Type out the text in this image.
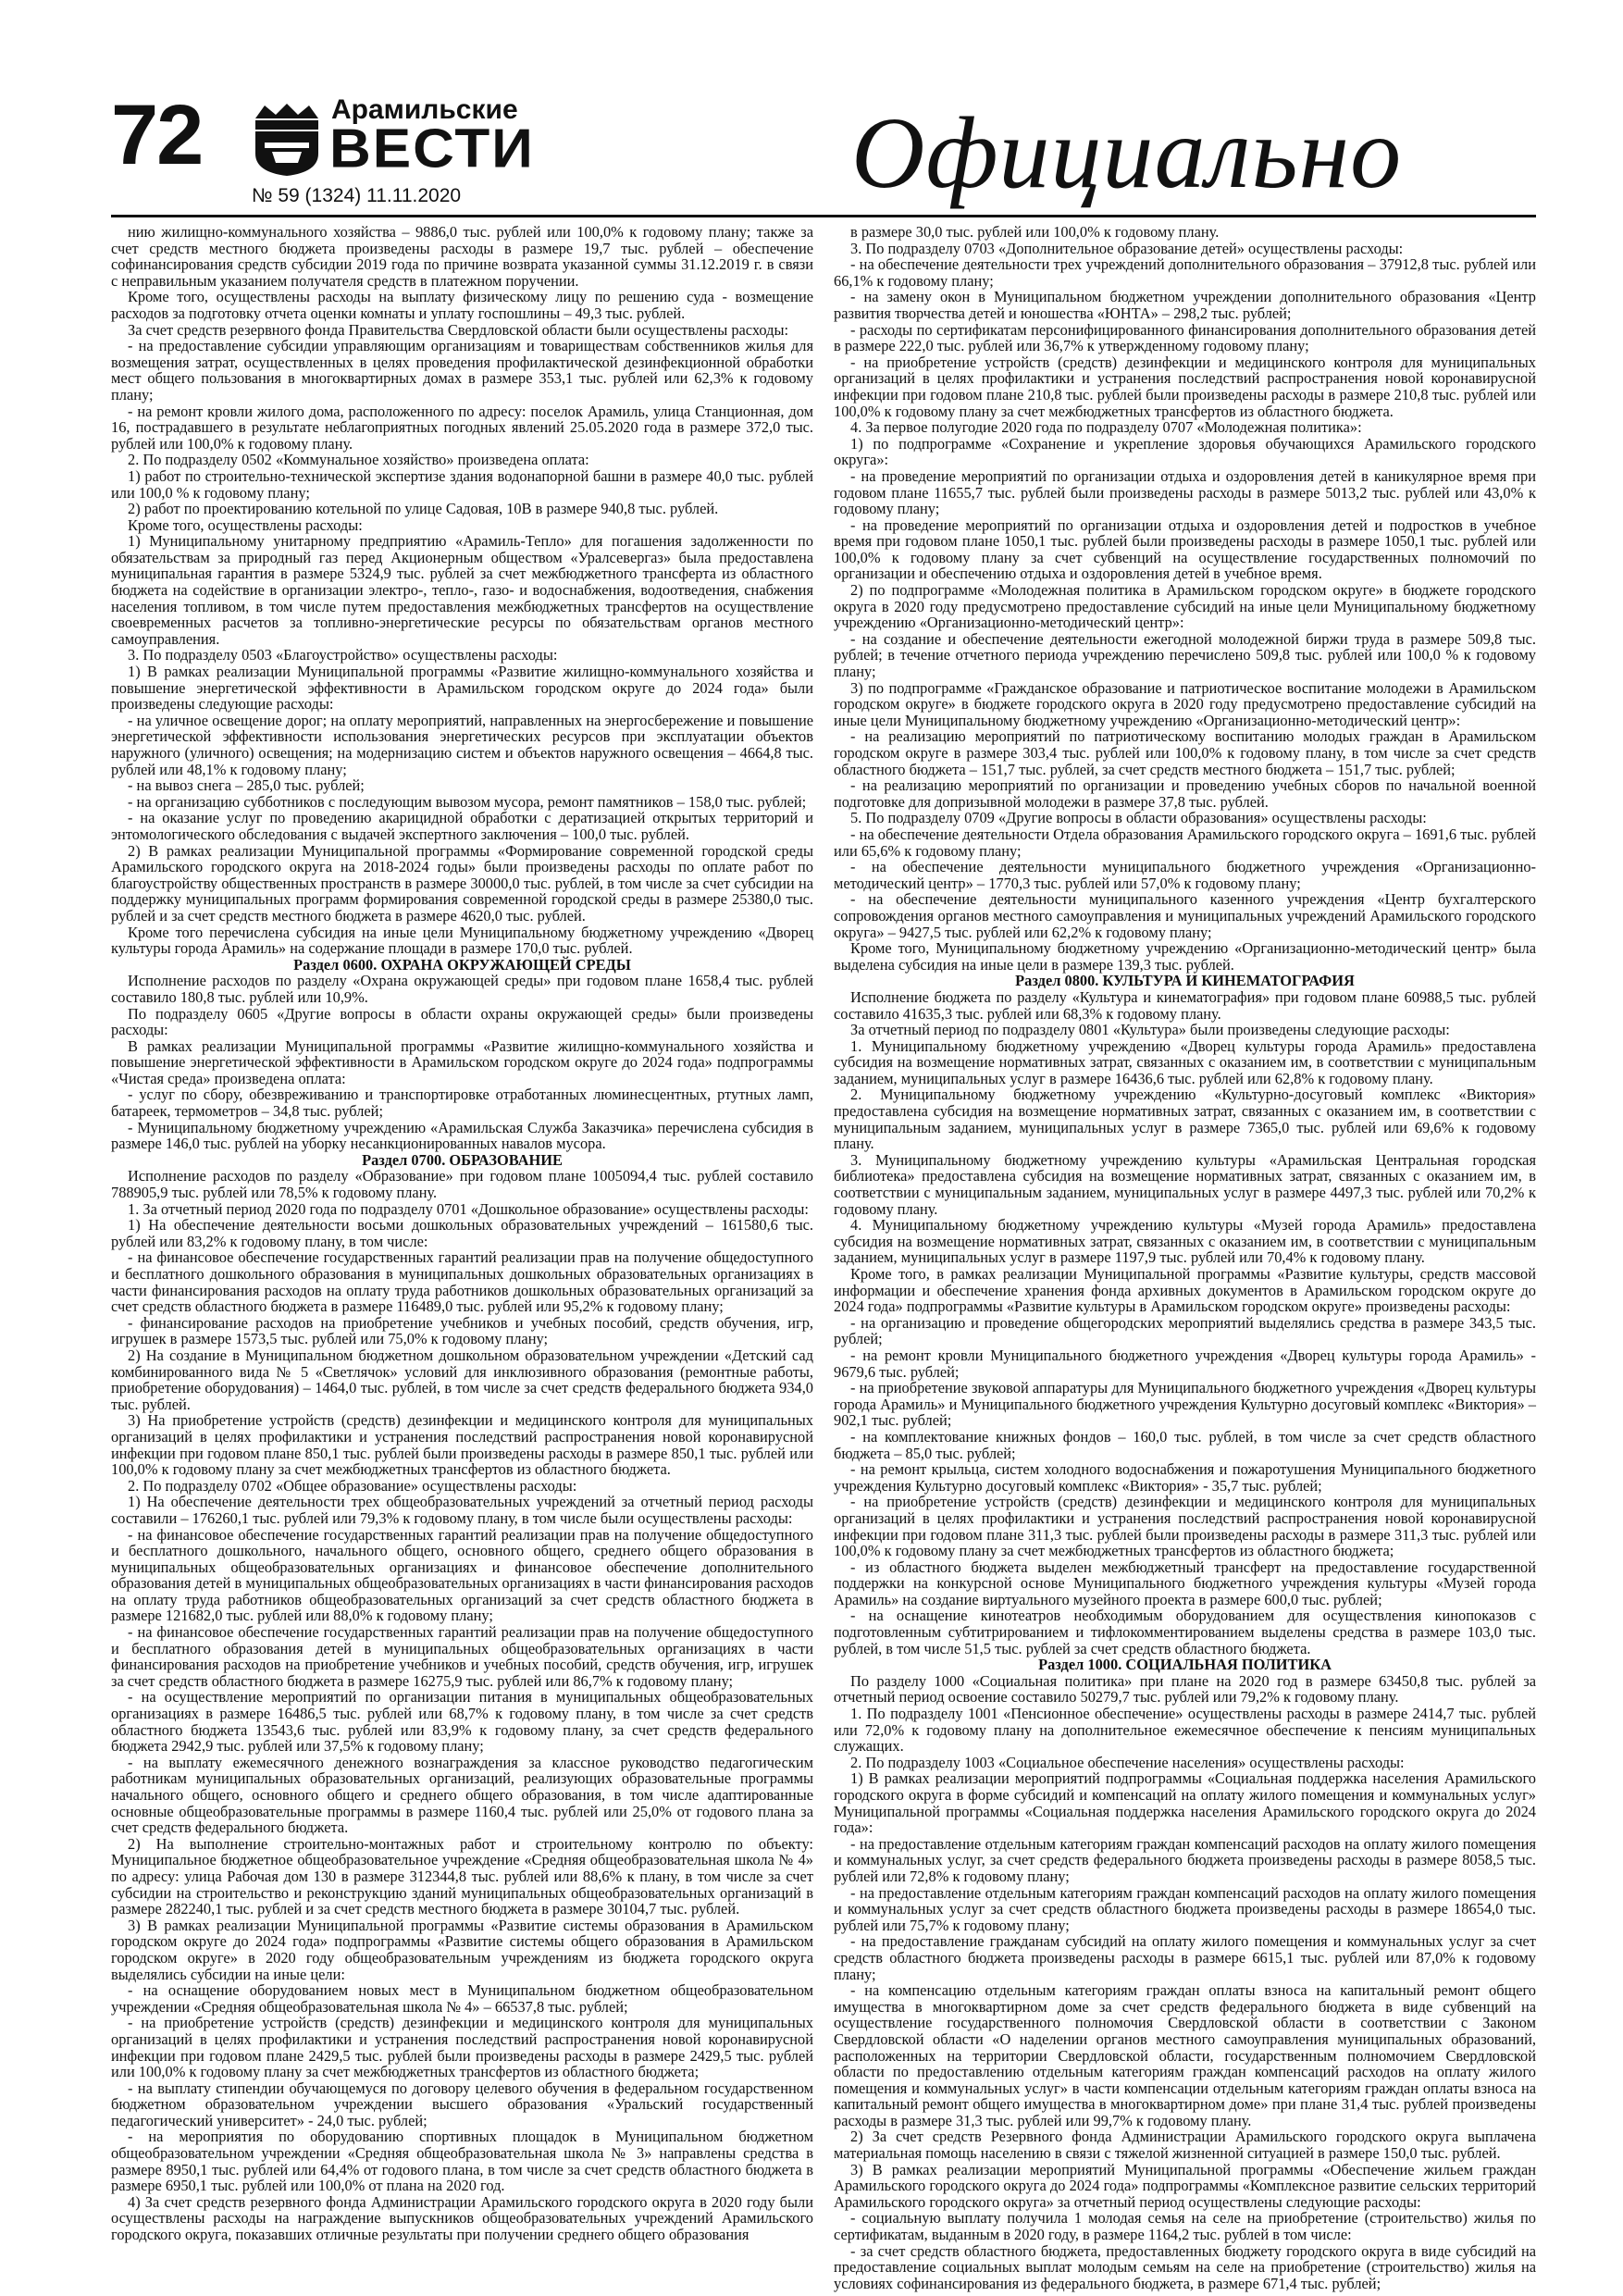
72	Арамильские
ВЕСТИ
№ 59 (1324) 11.11.2020	Официально

нию жилищно-коммунального хозяйства – 9886,0 тыс. рублей или 100,0% к годовому плану; также за счет средств местного бюджета произведены расходы в размере 19,7 тыс. рублей – обеспечение софинансирования средств субсидии 2019 года по причине возврата указанной суммы 31.12.2019 г. в связи с неправильным указанием получателя средств в платежном поручении.

Кроме того, осуществлены расходы на выплату физическому лицу по решению суда - возмещение расходов за подготовку отчета оценки комнаты и уплату госпошлины – 49,3 тыс. рублей.

За счет средств резервного фонда Правительства Свердловской области были осуществлены расходы:

- на предоставление субсидии управляющим организациям и товариществам собственников жилья для возмещения затрат, осуществленных в целях проведения профилактической дезинфекционной обработки мест общего пользования в многоквартирных домах в размере 353,1 тыс. рублей или 62,3% к годовому плану;

- на ремонт кровли жилого дома, расположенного по адресу: поселок Арамиль, улица Станционная, дом 16, пострадавшего в результате неблагоприятных погодных явлений 25.05.2020 года в размере 372,0 тыс. рублей или 100,0% к годовому плану.

2. По подразделу 0502 «Коммунальное хозяйство» произведена оплата:

1) работ по строительно-технической экспертизе здания водонапорной башни в размере 40,0 тыс. рублей или 100,0 % к годовому плану;

2) работ по проектированию котельной по улице Садовая, 10В в размере 940,8 тыс. рублей.

Кроме того, осуществлены расходы:

1) Муниципальному унитарному предприятию «Арамиль-Тепло» для погашения задолженности по обязательствам за природный газ перед Акционерным обществом «Уралсевергаз» была предоставлена муниципальная гарантия в размере 5324,9 тыс. рублей за счет межбюджетного трансферта из областного бюджета на содействие в организации электро-, тепло-, газо- и водоснабжения, водоотведения, снабжения населения топливом, в том числе путем предоставления межбюджетных трансфертов на осуществление своевременных расчетов за топливно-энергетические ресурсы по обязательствам органов местного самоуправления.

3. По подразделу 0503 «Благоустройство» осуществлены расходы:

1) В рамках реализации Муниципальной программы «Развитие жилищно-коммунального хозяйства и повышение энергетической эффективности в Арамильском городском округе до 2024 года» были произведены следующие расходы:

- на уличное освещение дорог; на оплату мероприятий, направленных на энергосбережение и повышение энергетической эффективности использования энергетических ресурсов при эксплуатации объектов наружного (уличного) освещения; на модернизацию систем и объектов наружного освещения – 4664,8 тыс. рублей или 48,1% к годовому плану;

- на вывоз снега – 285,0 тыс. рублей;

- на организацию субботников с последующим вывозом мусора, ремонт памятников – 158,0 тыс. рублей;

- на оказание услуг по проведению акарицидной обработки с дератизацией открытых территорий и энтомологического обследования с выдачей экспертного заключения – 100,0 тыс. рублей.

2) В рамках реализации Муниципальной программы «Формирование современной городской среды Арамильского городского округа на 2018-2024 годы» были произведены расходы по оплате работ по благоустройству общественных пространств в размере 30000,0 тыс. рублей, в том числе за счет субсидии на поддержку муниципальных программ формирования современной городской среды в размере 25380,0 тыс. рублей и за счет средств местного бюджета в размере 4620,0 тыс. рублей.

Кроме того перечислена субсидия на иные цели Муниципальному бюджетному учреждению «Дворец культуры города Арамиль» на содержание площади в размере 170,0 тыс. рублей.

Раздел 0600. ОХРАНА ОКРУЖАЮЩЕЙ СРЕДЫ

Исполнение расходов по разделу «Охрана окружающей среды» при годовом плане 1658,4 тыс. рублей составило 180,8 тыс. рублей или 10,9%.

По подразделу 0605 «Другие вопросы в области охраны окружающей среды» были произведены расходы:

В рамках реализации Муниципальной программы «Развитие жилищно-коммунального хозяйства и повышение энергетической эффективности в Арамильском городском округе до 2024 года» подпрограммы «Чистая среда» произведена оплата:

- услуг по сбору, обезвреживанию и транспортировке отработанных люминесцентных, ртутных ламп, батареек, термометров – 34,8 тыс. рублей;

- Муниципальному бюджетному учреждению «Арамильская Служба Заказчика» перечислена субсидия в размере 146,0 тыс. рублей на уборку несанкционированных навалов мусора.

Раздел 0700. ОБРАЗОВАНИЕ

Исполнение расходов по разделу «Образование» при годовом плане 1005094,4 тыс. рублей составило 788905,9 тыс. рублей или 78,5% к годовому плану.

1. За отчетный период 2020 года по подразделу 0701 «Дошкольное образование» осуществлены расходы:

1) На обеспечение деятельности восьми дошкольных образовательных учреждений – 161580,6 тыс. рублей или 83,2% к годовому плану, в том числе:

- на финансовое обеспечение государственных гарантий реализации прав на получение общедоступного и бесплатного дошкольного образования в муниципальных дошкольных образовательных организациях в части финансирования расходов на оплату труда работников дошкольных образовательных организаций за счет средств областного бюджета в размере 116489,0 тыс. рублей или 95,2% к годовому плану;

- финансирование расходов на приобретение учебников и учебных пособий, средств обучения, игр, игрушек в размере 1573,5 тыс. рублей или 75,0% к годовому плану;

2) На создание в Муниципальном бюджетном дошкольном образовательном учреждении «Детский сад комбинированного вида № 5 «Светлячок» условий для инклюзивного образования (ремонтные работы, приобретение оборудования) – 1464,0 тыс. рублей, в том числе за счет средств федерального бюджета 934,0 тыс. рублей.

3) На приобретение устройств (средств) дезинфекции и медицинского контроля для муниципальных организаций в целях профилактики и устранения последствий распространения новой коронавирусной инфекции при годовом плане 850,1 тыс. рублей были произведены расходы в размере 850,1 тыс. рублей или 100,0% к годовому плану за счет межбюджетных трансфертов из областного бюджета.

2. По подразделу 0702 «Общее образование» осуществлены расходы:

1) На обеспечение деятельности трех общеобразовательных учреждений за отчетный период расходы составили – 176260,1 тыс. рублей или 79,3% к годовому плану, в том числе были осуществлены расходы:

- на финансовое обеспечение государственных гарантий реализации прав на получение общедоступного и бесплатного дошкольного, начального общего, основного общего, среднего общего образования в муниципальных общеобразовательных организациях и финансовое обеспечение дополнительного образования детей в муниципальных общеобразовательных организациях в части финансирования расходов на оплату труда работников общеобразовательных организаций за счет средств областного бюджета в размере 121682,0 тыс. рублей или 88,0% к годовому плану;

- на финансовое обеспечение государственных гарантий реализации прав на получение общедоступного и бесплатного образования детей в муниципальных общеобразовательных организациях в части финансирования расходов на приобретение учебников и учебных пособий, средств обучения, игр, игрушек за счет средств областного бюджета в размере 16275,9 тыс. рублей или 86,7% к годовому плану;

- на осуществление мероприятий по организации питания в муниципальных общеобразовательных организациях в размере 16486,5 тыс. рублей или 68,7% к годовому плану, в том числе за счет средств областного бюджета 13543,6 тыс. рублей или 83,9% к годовому плану, за счет средств федерального бюджета 2942,9 тыс. рублей или 37,5% к годовому плану;

- на выплату ежемесячного денежного вознаграждения за классное руководство педагогическим работникам муниципальных образовательных организаций, реализующих образовательные программы начального общего, основного общего и среднего общего образования, в том числе адаптированные основные общеобразовательные программы в размере 1160,4 тыс. рублей или 25,0% от годового плана за счет средств федерального бюджета.

2) На выполнение строительно-монтажных работ и строительному контролю по объекту: Муниципальное бюджетное общеобразовательное учреждение «Средняя общеобразовательная школа № 4» по адресу: улица Рабочая дом 130 в размере 312344,8 тыс. рублей или 88,6% к плану, в том числе за счет субсидии на строительство и реконструкцию зданий муниципальных общеобразовательных организаций в размере 282240,1 тыс. рублей и за счет средств местного бюджета в размере 30104,7 тыс. рублей.

3) В рамках реализации Муниципальной программы «Развитие системы образования в Арамильском городском округе до 2024 года» подпрограммы «Развитие системы общего образования в Арамильском городском округе» в 2020 году общеобразовательным учреждениям из бюджета городского округа выделялись субсидии на иные цели:

- на оснащение оборудованием новых мест в Муниципальном бюджетном общеобразовательном учреждении «Средняя общеобразовательная школа № 4» – 66537,8 тыс. рублей;

- на приобретение устройств (средств) дезинфекции и медицинского контроля для муниципальных организаций в целях профилактики и устранения последствий распространения новой коронавирусной инфекции при годовом плане 2429,5 тыс. рублей были произведены расходы в размере 2429,5 тыс. рублей или 100,0% к годовому плану за счет межбюджетных трансфертов из областного бюджета;

- на выплату стипендии обучающемуся по договору целевого обучения в федеральном государственном бюджетном образовательном учреждении высшего образования «Уральский государственный педагогический университет» - 24,0 тыс. рублей;

- на мероприятия по оборудованию спортивных площадок в Муниципальном бюджетном общеобразовательном учреждении «Средняя общеобразовательная школа № 3» направлены средства в размере 8950,1 тыс. рублей или 64,4% от годового плана, в том числе за счет средств областного бюджета в размере 6950,1 тыс. рублей или 100,0% от плана на 2020 год.

4) За счет средств резервного фонда Администрации Арамильского городского округа в 2020 году были осуществлены расходы на награждение выпускников общеобразовательных учреждений Арамильского городского округа, показавших отличные результаты при получении среднего общего образования

в размере 30,0 тыс. рублей или 100,0% к годовому плану.

3. По подразделу 0703 «Дополнительное образование детей» осуществлены расходы:

- на обеспечение деятельности трех учреждений дополнительного образования – 37912,8 тыс. рублей или 66,1% к годовому плану;

- на замену окон в Муниципальном бюджетном учреждении дополнительного образования «Центр развития творчества детей и юношества «ЮНТА» – 298,2 тыс. рублей;

- расходы по сертификатам персонифицированного финансирования дополнительного образования детей в размере 222,0 тыс. рублей или 36,7% к утвержденному годовому плану;

- на приобретение устройств (средств) дезинфекции и медицинского контроля для муниципальных организаций в целях профилактики и устранения последствий распространения новой коронавирусной инфекции при годовом плане 210,8 тыс. рублей были произведены расходы в размере 210,8 тыс. рублей или 100,0% к годовому плану за счет межбюджетных трансфертов из областного бюджета.

4. За первое полугодие 2020 года по подразделу 0707 «Молодежная политика»:

1) по подпрограмме «Сохранение и укрепление здоровья обучающихся Арамильского городского округа»:

- на проведение мероприятий по организации отдыха и оздоровления детей в каникулярное время при годовом плане 11655,7 тыс. рублей были произведены расходы в размере 5013,2 тыс. рублей или 43,0% к годовому плану;

- на проведение мероприятий по организации отдыха и оздоровления детей и подростков в учебное время при годовом плане 1050,1 тыс. рублей были произведены расходы в размере 1050,1 тыс. рублей или 100,0% к годовому плану за счет субвенций на осуществление государственных полномочий по организации и обеспечению отдыха и оздоровления детей в учебное время.

2) по подпрограмме «Молодежная политика в Арамильском городском округе» в бюджете городского округа в 2020 году предусмотрено предоставление субсидий на иные цели Муниципальному бюджетному учреждению «Организационно-методический центр»:

- на создание и обеспечение деятельности ежегодной молодежной биржи труда в размере 509,8 тыс. рублей; в течение отчетного периода учреждению перечислено 509,8 тыс. рублей или 100,0 % к годовому плану;

3) по подпрограмме «Гражданское образование и патриотическое воспитание молодежи в Арамильском городском округе» в бюджете городского округа в 2020 году предусмотрено предоставление субсидий на иные цели Муниципальному бюджетному учреждению «Организационно-методический центр»:

- на реализацию мероприятий по патриотическому воспитанию молодых граждан в Арамильском городском округе в размере 303,4 тыс. рублей или 100,0% к годовому плану, в том числе за счет средств областного бюджета – 151,7 тыс. рублей, за счет средств местного бюджета – 151,7 тыс. рублей;

- на реализацию мероприятий по организации и проведению учебных сборов по начальной военной подготовке для допризывной молодежи в размере 37,8 тыс. рублей.

5. По подразделу 0709 «Другие вопросы в области образования» осуществлены расходы:

- на обеспечение деятельности Отдела образования Арамильского городского округа – 1691,6 тыс. рублей или 65,6% к годовому плану;

- на обеспечение деятельности муниципального бюджетного учреждения «Организационно-методический центр» – 1770,3 тыс. рублей или 57,0% к годовому плану;

- на обеспечение деятельности муниципального казенного учреждения «Центр бухгалтерского сопровождения органов местного самоуправления и муниципальных учреждений Арамильского городского округа» – 9427,5 тыс. рублей или 62,2% к годовому плану;

Кроме того, Муниципальному бюджетному учреждению «Организационно-методический центр» была выделена субсидия на иные цели в размере 139,3 тыс. рублей.

Раздел 0800. КУЛЬТУРА И КИНЕМАТОГРАФИЯ

Исполнение бюджета по разделу «Культура и кинематография» при годовом плане 60988,5 тыс. рублей составило 41635,3 тыс. рублей или 68,3% к годовому плану.

За отчетный период по подразделу 0801 «Культура» были произведены следующие расходы:

1. Муниципальному бюджетному учреждению «Дворец культуры города Арамиль» предоставлена субсидия на возмещение нормативных затрат, связанных с оказанием им, в соответствии с муниципальным заданием, муниципальных услуг в размере 16436,6 тыс. рублей или 62,8% к годовому плану.

2. Муниципальному бюджетному учреждению «Культурно-досуговый комплекс «Виктория» предоставлена субсидия на возмещение нормативных затрат, связанных с оказанием им, в соответствии с муниципальным заданием, муниципальных услуг в размере 7365,0 тыс. рублей или 69,6% к годовому плану.

3. Муниципальному бюджетному учреждению культуры «Арамильская Центральная городская библиотека» предоставлена субсидия на возмещение нормативных затрат, связанных с оказанием им, в соответствии с муниципальным заданием, муниципальных услуг в размере 4497,3 тыс. рублей или 70,2% к годовому плану.

4. Муниципальному бюджетному учреждению культуры «Музей города Арамиль» предоставлена субсидия на возмещение нормативных затрат, связанных с оказанием им, в соответствии с муниципальным заданием, муниципальных услуг в размере 1197,9 тыс. рублей или 70,4% к годовому плану.

Кроме того, в рамках реализации Муниципальной программы «Развитие культуры, средств массовой информации и обеспечение хранения фонда архивных документов в Арамильском городском округе до 2024 года» подпрограммы «Развитие культуры в Арамильском городском округе» произведены расходы:

- на организацию и проведение общегородских мероприятий выделялись средства в размере 343,5 тыс. рублей;

- на ремонт кровли Муниципального бюджетного учреждения «Дворец культуры города Арамиль» - 9679,6 тыс. рублей;

- на приобретение звуковой аппаратуры для Муниципального бюджетного учреждения «Дворец культуры города Арамиль» и Муниципального бюджетного учреждения Культурно досуговый комплекс «Виктория» – 902,1 тыс. рублей;

- на комплектование книжных фондов – 160,0 тыс. рублей, в том числе за счет средств областного бюджета – 85,0 тыс. рублей;

- на ремонт крыльца, систем холодного водоснабжения и пожаротушения Муниципального бюджетного учреждения Культурно досуговый комплекс «Виктория» - 35,7 тыс. рублей;

- на приобретение устройств (средств) дезинфекции и медицинского контроля для муниципальных организаций в целях профилактики и устранения последствий распространения новой коронавирусной инфекции при годовом плане 311,3 тыс. рублей были произведены расходы в размере 311,3 тыс. рублей или 100,0% к годовому плану за счет межбюджетных трансфертов из областного бюджета;

- из областного бюджета выделен межбюджетный трансферт на предоставление государственной поддержки на конкурсной основе Муниципального бюджетного учреждения культуры «Музей города Арамиль» на создание виртуального музейного проекта в размере 600,0 тыс. рублей;

- на оснащение кинотеатров необходимым оборудованием для осуществления кинопоказов с подготовленным субтитрированием и тифлокомментированием выделены средства в размере 103,0 тыс. рублей, в том числе 51,5 тыс. рублей за счет средств областного бюджета.

Раздел 1000. СОЦИАЛЬНАЯ ПОЛИТИКА

По разделу 1000 «Социальная политика» при плане на 2020 год в размере 63450,8 тыс. рублей за отчетный период освоение составило 50279,7 тыс. рублей или 79,2% к годовому плану.

1. По подразделу 1001 «Пенсионное обеспечение» осуществлены расходы в размере 2414,7 тыс. рублей или 72,0% к годовому плану на дополнительное ежемесячное обеспечение к пенсиям муниципальных служащих.

2. По подразделу 1003 «Социальное обеспечение населения» осуществлены расходы:

1) В рамках реализации мероприятий подпрограммы «Социальная поддержка населения Арамильского городского округа в форме субсидий и компенсаций на оплату жилого помещения и коммунальных услуг» Муниципальной программы «Социальная поддержка населения Арамильского городского округа до 2024 года»:

- на предоставление отдельным категориям граждан компенсаций расходов на оплату жилого помещения и коммунальных услуг, за счет средств федерального бюджета произведены расходы в размере 8058,5 тыс. рублей или 72,8% к годовому плану;

- на предоставление отдельным категориям граждан компенсаций расходов на оплату жилого помещения и коммунальных услуг за счет средств областного бюджета произведены расходы в размере 18654,0 тыс. рублей или 75,7% к годовому плану;

- на предоставление гражданам субсидий на оплату жилого помещения и коммунальных услуг за счет средств областного бюджета произведены расходы в размере 6615,1 тыс. рублей или 87,0% к годовому плану;

- на компенсацию отдельным категориям граждан оплаты взноса на капитальный ремонт общего имущества в многоквартирном доме за счет средств федерального бюджета в виде субвенций на осуществление государственного полномочия Свердловской области в соответствии с Законом Свердловской области «О наделении органов местного самоуправления муниципальных образований, расположенных на территории Свердловской области, государственным полномочием Свердловской области по предоставлению отдельным категориям граждан компенсаций расходов на оплату жилого помещения и коммунальных услуг» в части компенсации отдельным категориям граждан оплаты взноса на капитальный ремонт общего имущества в многоквартирном доме» при плане 31,4 тыс. рублей произведены расходы в размере 31,3 тыс. рублей или 99,7% к годовому плану.

2) За счет средств Резервного фонда Администрации Арамильского городского округа выплачена материальная помощь населению в связи с тяжелой жизненной ситуацией в размере 150,0 тыс. рублей.

3) В рамках реализации мероприятий Муниципальной программы «Обеспечение жильем граждан Арамильского городского округа до 2024 года» подпрограммы «Комплексное развитие сельских территорий Арамильского городского округа» за отчетный период осуществлены следующие расходы:

- социальную выплату получила 1 молодая семья на селе на приобретение (строительство) жилья по сертификатам, выданным в 2020 году, в размере 1164,2 тыс. рублей в том числе:

- за счет средств областного бюджета, предоставленных бюджету городского округа в виде субсидий на предоставление социальных выплат молодым семьям на селе на приобретение (строительство) жилья на условиях софинансирования из федерального бюджета, в размере 671,4 тыс. рублей;
